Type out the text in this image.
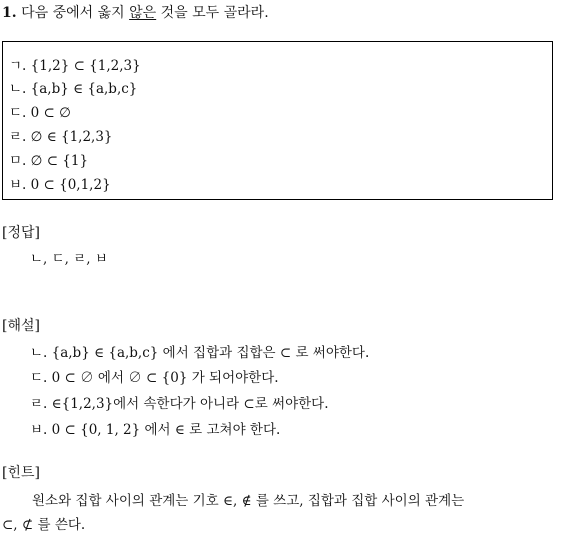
1. 다음 중에서 옳지 않은 것을 모두 골라라.
ㄱ. {1,2} ⊂ {1,2,3}
ㄴ. {a,b} ∈ {a,b,c}
ㄷ. 0 ⊂ ∅
ㄹ. ∅ ∈ {1,2,3}
ㅁ. ∅ ⊂ {1}
ㅂ. 0 ⊂ {0,1,2}
[정답]
ㄴ, ㄷ, ㄹ, ㅂ
[해설]
ㄴ. {a,b} ∈ {a,b,c} 에서 집합과 집합은 ⊂ 로 써야한다.
ㄷ. 0 ⊂ ∅ 에서 ∅ ⊂ {0} 가 되어야한다.
ㄹ. ∈{1,2,3}에서 속한다가 아니라 ⊂로 써야한다.
ㅂ. 0 ⊂ {0, 1, 2} 에서 ∈ 로 고쳐야 한다.
[힌트]
원소와 집합 사이의 관계는 기호 ∈, ∉ 를 쓰고, 집합과 집합 사이의 관계는
⊂, ⊄ 를 쓴다.
